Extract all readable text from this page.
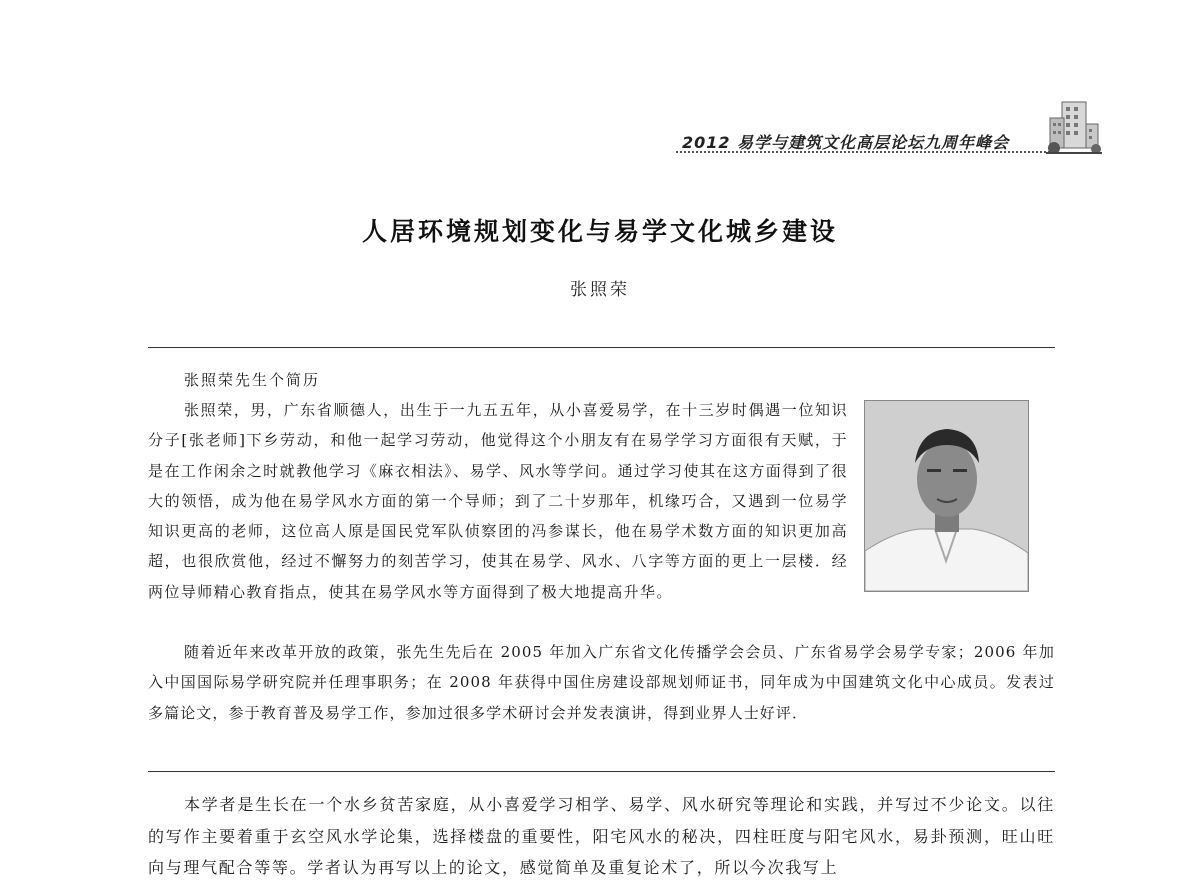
2012 易学与建筑文化高层论坛九周年峰会
人居环境规划变化与易学文化城乡建设
张照荣
张照荣先生个简历

张照荣，男，广东省顺德人，出生于一九五五年，从小喜爱易学，在十三岁时偶遇一位知识分子[张老师]下乡劳动，和他一起学习劳动，他觉得这个小朋友有在易学学习方面很有天赋，于是在工作闲余之时就教他学习《麻衣相法》、易学、风水等学问。通过学习使其在这方面得到了很大的领悟，成为他在易学风水方面的第一个导师；到了二十岁那年，机缘巧合，又遇到一位易学知识更高的老师，这位高人原是国民党军队侦察团的冯参谋长，他在易学术数方面的知识更加高超，也很欣赏他，经过不懈努力的刻苦学习，使其在易学、风水、八字等方面的更上一层楼．经两位导师精心教育指点，使其在易学风水等方面得到了极大地提高升华。

随着近年来改革开放的政策，张先生先后在 2005 年加入广东省文化传播学会会员、广东省易学会易学专家；2006 年加入中国国际易学研究院并任理事职务；在 2008 年获得中国住房建设部规划师证书，同年成为中国建筑文化中心成员。发表过多篇论文，参于教育普及易学工作，参加过很多学术研讨会并发表演讲，得到业界人士好评．

本学者是生长在一个水乡贫苦家庭，从小喜爱学习相学、易学、风水研究等理论和实践，并写过不少论文。以往的写作主要着重于玄空风水学论集，选择楼盘的重要性，阳宅风水的秘决，四柱旺度与阳宅风水，易卦预测，旺山旺向与理气配合等等。学者认为再写以上的论文，感觉简单及重复论术了，所以今次我写上
